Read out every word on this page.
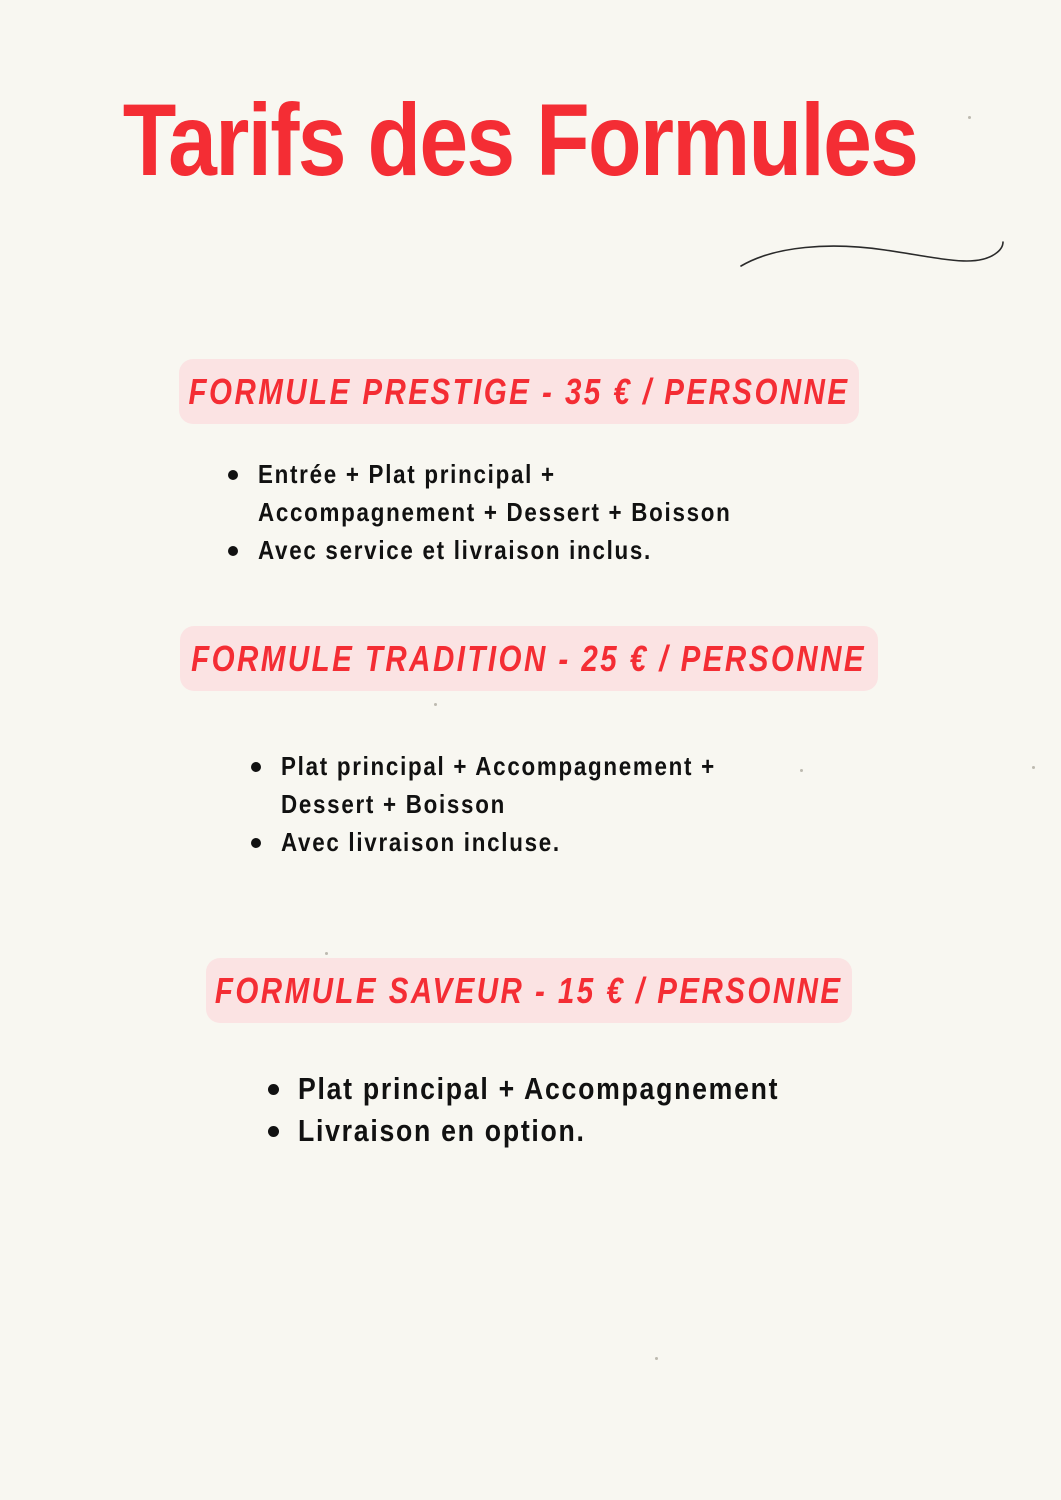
Tarifs des Formules
FORMULE PRESTIGE - 35 € / PERSONNE
Entrée + Plat principal +
Accompagnement + Dessert + Boisson
Avec service et livraison inclus.
FORMULE TRADITION - 25 € / PERSONNE
Plat principal + Accompagnement +
Dessert + Boisson
Avec livraison incluse.
FORMULE SAVEUR - 15 € / PERSONNE
Plat principal + Accompagnement
Livraison en option.
